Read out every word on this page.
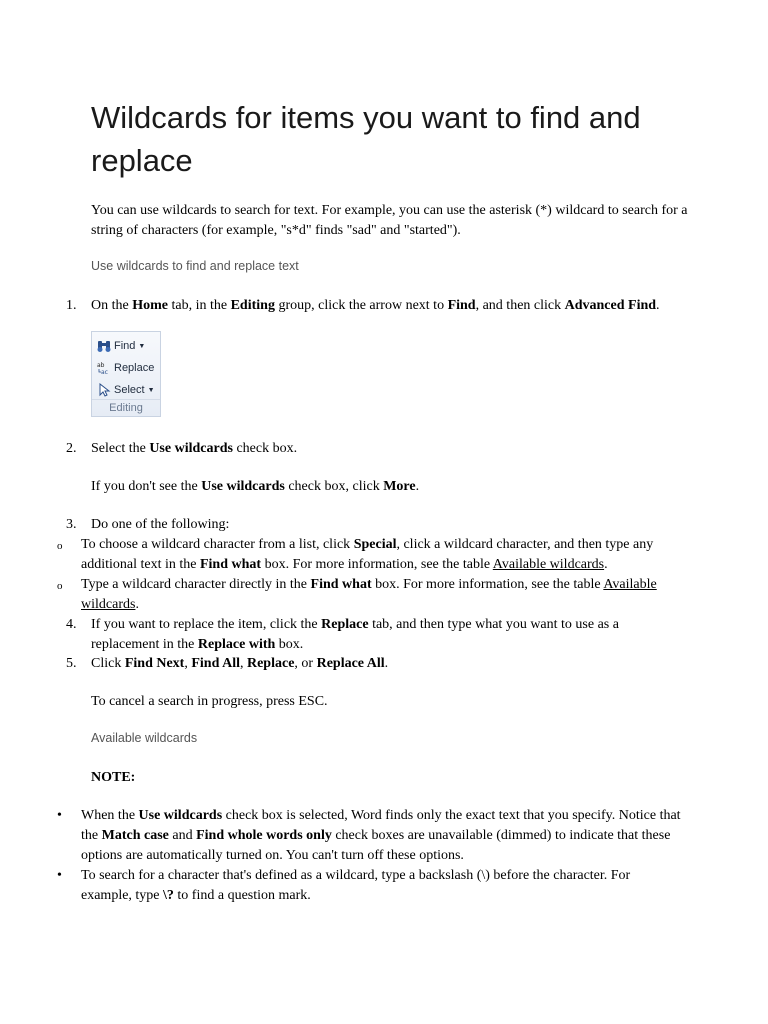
Wildcards for items you want to find and replace
You can use wildcards to search for text. For example, you can use the asterisk (*) wildcard to search for a string of characters (for example, "s*d" finds "sad" and "started").
Use wildcards to find and replace text
1. On the Home tab, in the Editing group, click the arrow next to Find, and then click Advanced Find.
Find ▼
ab
ac Replace
Select ▼
Editing
2. Select the Use wildcards check box.
If you don't see the Use wildcards check box, click More.
3. Do one of the following:
o To choose a wildcard character from a list, click Special, click a wildcard character, and then type any additional text in the Find what box. For more information, see the table Available wildcards.
o Type a wildcard character directly in the Find what box. For more information, see the table Available wildcards.
4. If you want to replace the item, click the Replace tab, and then type what you want to use as a replacement in the Replace with box.
5. Click Find Next, Find All, Replace, or Replace All.
To cancel a search in progress, press ESC.
Available wildcards
NOTE:
• When the Use wildcards check box is selected, Word finds only the exact text that you specify. Notice that the Match case and Find whole words only check boxes are unavailable (dimmed) to indicate that these options are automatically turned on. You can't turn off these options.
• To search for a character that's defined as a wildcard, type a backslash (\) before the character. For example, type \? to find a question mark.
